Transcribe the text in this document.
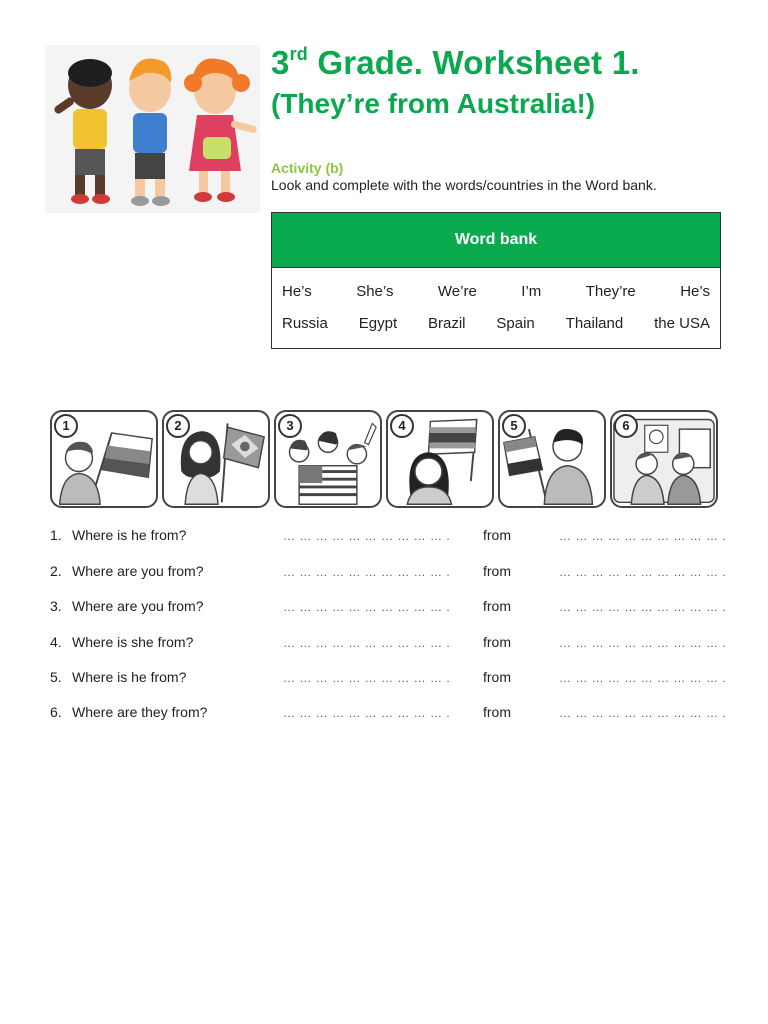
3rd Grade. Worksheet 1.
(They’re from Australia!)
Activity (b)
Look and complete with the words/countries in the Word bank.
Word bank
He’s	She’s	We’re	I’m	They’re	He’s
Russia Egypt Brazil Spain Thailand the USA
1	2	3	4	5	6
1. Where is he from?	… … … … … … … … … … . from	… … … … … … … … … … .
2. Where are you from?	… … … … … … … … … … . from	… … … … … … … … … … .
3. Where are you from?	… … … … … … … … … … . from	… … … … … … … … … … .
4. Where is she from?	… … … … … … … … … … . from	… … … … … … … … … … .
5. Where is he from?	… … … … … … … … … … . from	… … … … … … … … … … .
6. Where are they from?	… … … … … … … … … … . from	… … … … … … … … … … .
